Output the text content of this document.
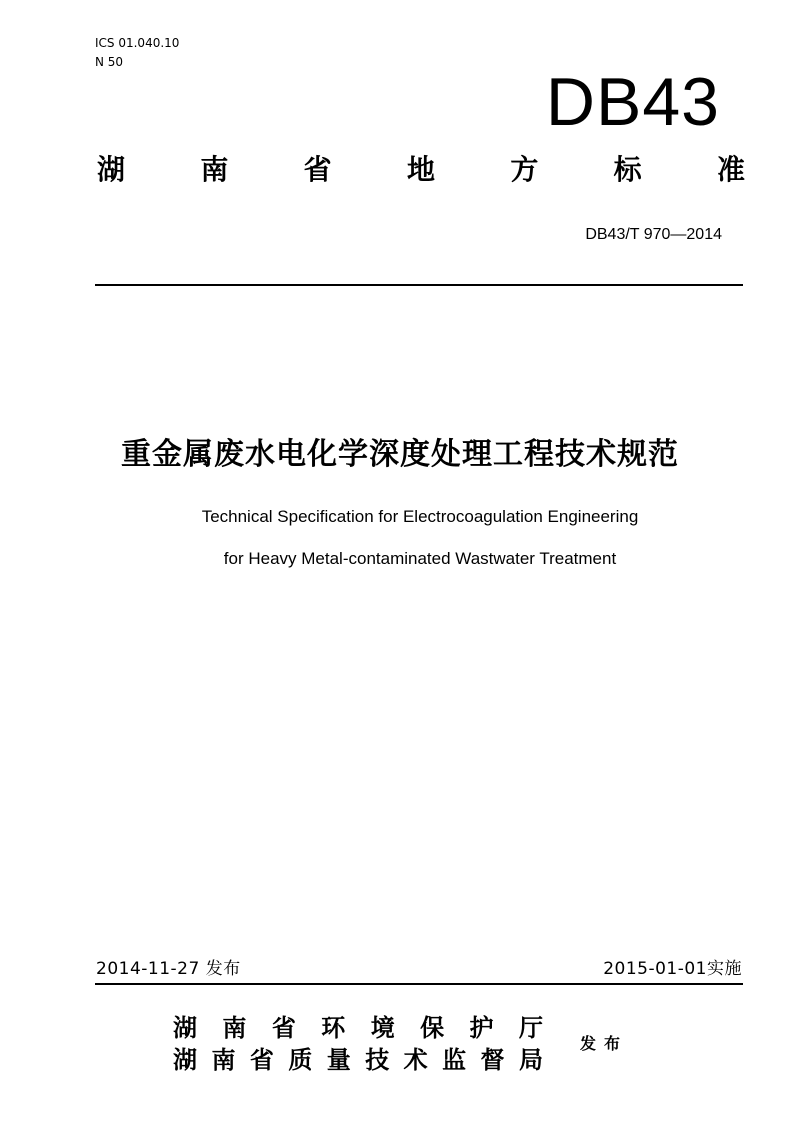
ICS 01.040.10
N 50
DB43
湖	南	省	地	方	标	准
DB43/T 970—2014
重金属废水电化学深度处理工程技术规范
Technical Specification for Electrocoagulation Engineering
for Heavy Metal-contaminated Wastwater Treatment
2014-11-27 发布	2015-01-01实施
湖 南 省 环 境 保 护 厅
湖 南 省 质 量 技 术 监 督 局
发布
